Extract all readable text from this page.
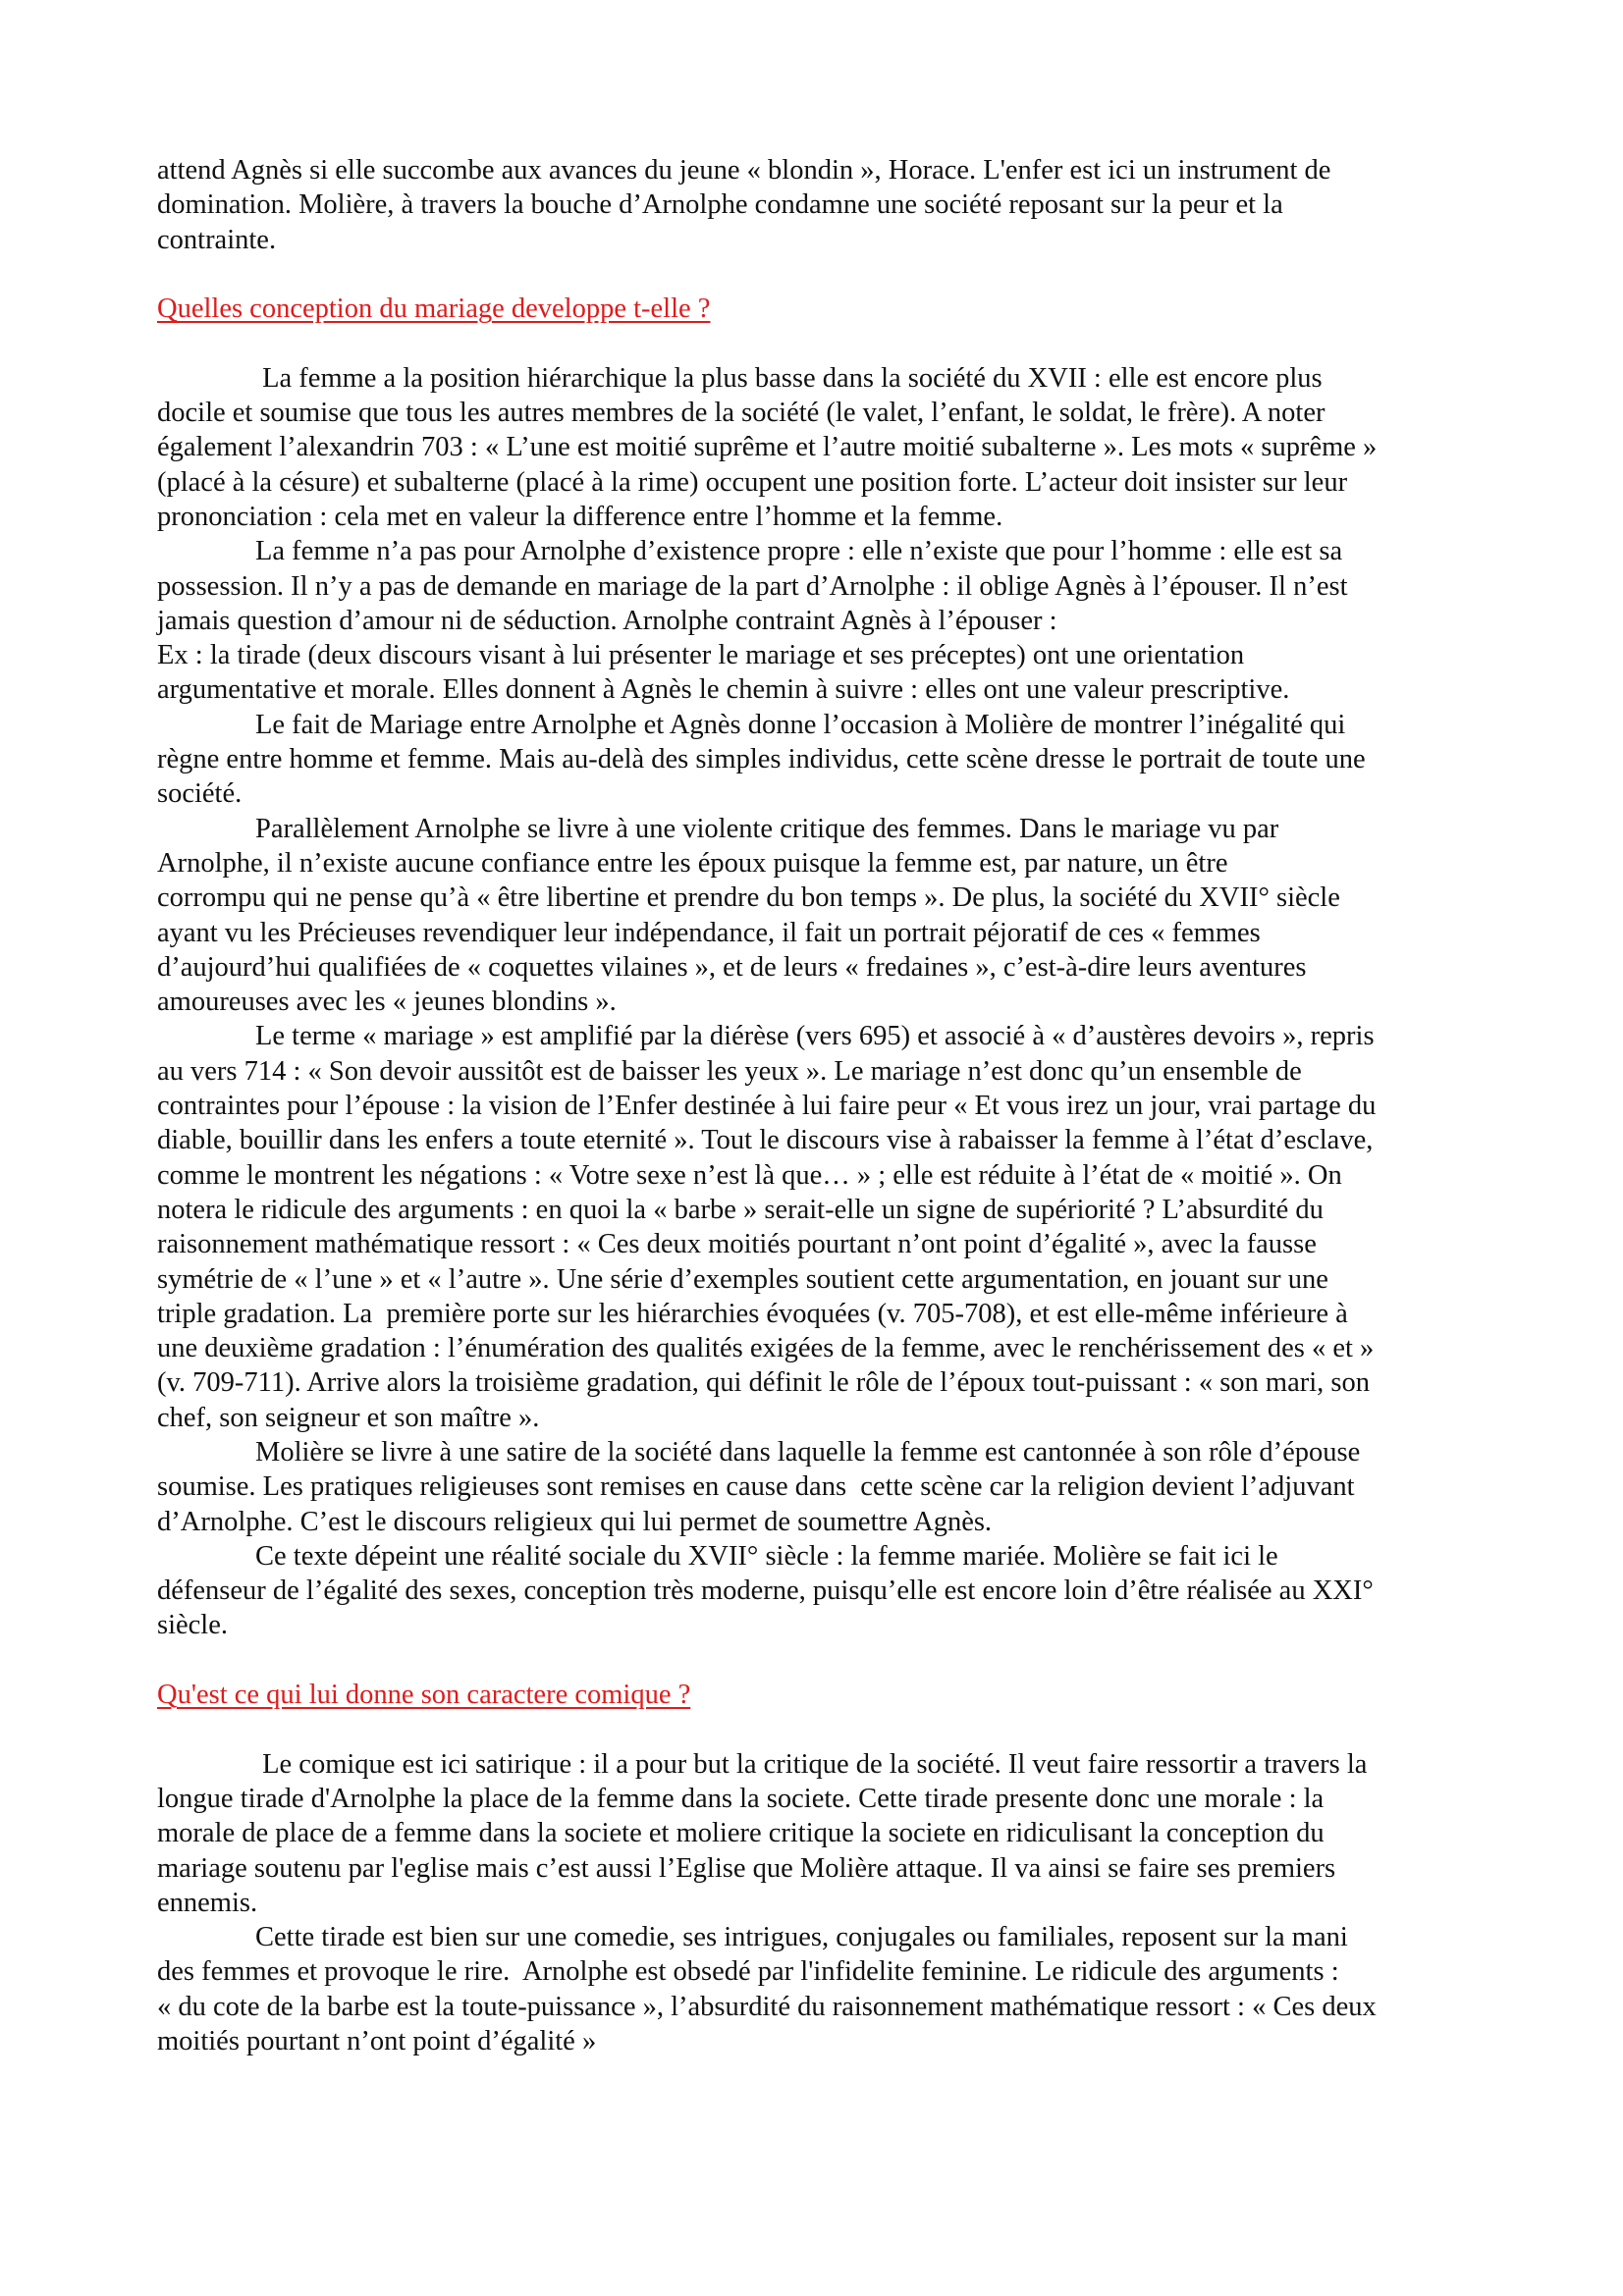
attend Agnès si elle succombe aux avances du jeune « blondin », Horace. L'enfer est ici un instrument de
domination. Molière, à travers la bouche d’Arnolphe condamne une société reposant sur la peur et la
contrainte.
Quelles conception du mariage developpe t-elle ?
La femme a la position hiérarchique la plus basse dans la société du XVII : elle est encore plus
docile et soumise que tous les autres membres de la société (le valet, l’enfant, le soldat, le frère). A noter
également l’alexandrin 703 : « L’une est moitié suprême et l’autre moitié subalterne ». Les mots « suprême »
(placé à la césure) et subalterne (placé à la rime) occupent une position forte. L’acteur doit insister sur leur
prononciation : cela met en valeur la difference entre l’homme et la femme.
La femme n’a pas pour Arnolphe d’existence propre : elle n’existe que pour l’homme : elle est sa
possession. Il n’y a pas de demande en mariage de la part d’Arnolphe : il oblige Agnès à l’épouser. Il n’est
jamais question d’amour ni de séduction. Arnolphe contraint Agnès à l’épouser :
Ex : la tirade (deux discours visant à lui présenter le mariage et ses préceptes) ont une orientation
argumentative et morale. Elles donnent à Agnès le chemin à suivre : elles ont une valeur prescriptive.
Le fait de Mariage entre Arnolphe et Agnès donne l’occasion à Molière de montrer l’inégalité qui
règne entre homme et femme. Mais au-delà des simples individus, cette scène dresse le portrait de toute une
société.
Parallèlement Arnolphe se livre à une violente critique des femmes. Dans le mariage vu par
Arnolphe, il n’existe aucune confiance entre les époux puisque la femme est, par nature, un être
corrompu qui ne pense qu’à « être libertine et prendre du bon temps ». De plus, la société du XVII° siècle
ayant vu les Précieuses revendiquer leur indépendance, il fait un portrait péjoratif de ces « femmes
d’aujourd’hui qualifiées de « coquettes vilaines », et de leurs « fredaines », c’est-à-dire leurs aventures
amoureuses avec les « jeunes blondins ».
Le terme « mariage » est amplifié par la diérèse (vers 695) et associé à « d’austères devoirs », repris
au vers 714 : « Son devoir aussitôt est de baisser les yeux ». Le mariage n’est donc qu’un ensemble de
contraintes pour l’épouse : la vision de l’Enfer destinée à lui faire peur « Et vous irez un jour, vrai partage du
diable, bouillir dans les enfers a toute eternité ». Tout le discours vise à rabaisser la femme à l’état d’esclave,
comme le montrent les négations : « Votre sexe n’est là que… » ; elle est réduite à l’état de « moitié ». On
notera le ridicule des arguments : en quoi la « barbe » serait-elle un signe de supériorité ? L’absurdité du
raisonnement mathématique ressort : « Ces deux moitiés pourtant n’ont point d’égalité », avec la fausse
symétrie de « l’une » et « l’autre ». Une série d’exemples soutient cette argumentation, en jouant sur une
triple gradation. La  première porte sur les hiérarchies évoquées (v. 705-708), et est elle-même inférieure à
une deuxième gradation : l’énumération des qualités exigées de la femme, avec le renchérissement des « et »
(v. 709-711). Arrive alors la troisième gradation, qui définit le rôle de l’époux tout-puissant : « son mari, son
chef, son seigneur et son maître ».
Molière se livre à une satire de la société dans laquelle la femme est cantonnée à son rôle d’épouse
soumise. Les pratiques religieuses sont remises en cause dans  cette scène car la religion devient l’adjuvant
d’Arnolphe. C’est le discours religieux qui lui permet de soumettre Agnès.
Ce texte dépeint une réalité sociale du XVII° siècle : la femme mariée. Molière se fait ici le
défenseur de l’égalité des sexes, conception très moderne, puisqu’elle est encore loin d’être réalisée au XXI°
siècle.
Qu'est ce qui lui donne son caractere comique ?
Le comique est ici satirique : il a pour but la critique de la société. Il veut faire ressortir a travers la
longue tirade d'Arnolphe la place de la femme dans la societe. Cette tirade presente donc une morale : la
morale de place de a femme dans la societe et moliere critique la societe en ridiculisant la conception du
mariage soutenu par l'eglise mais c’est aussi l’Eglise que Molière attaque. Il va ainsi se faire ses premiers
ennemis.
Cette tirade est bien sur une comedie, ses intrigues, conjugales ou familiales, reposent sur la mani
des femmes et provoque le rire.  Arnolphe est obsedé par l'infidelite feminine. Le ridicule des arguments :
« du cote de la barbe est la toute-puissance », l’absurdité du raisonnement mathématique ressort : « Ces deux
moitiés pourtant n’ont point d’égalité »
